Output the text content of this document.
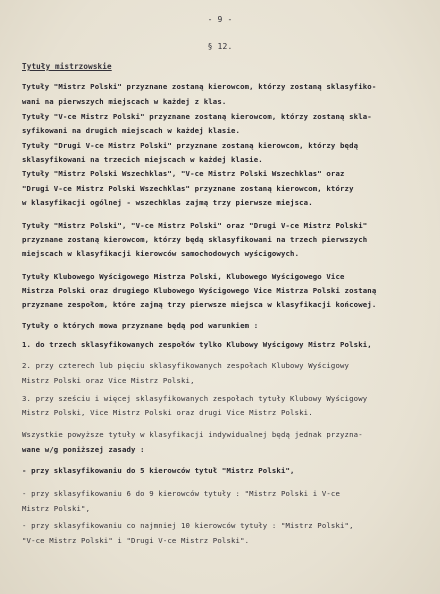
- 9 -
§ 12.
Tytuły mistrzowskie
Tytuły "Mistrz Polski" przyznane zostaną kierowcom, którzy zostaną sklasyfiko-
wani na pierwszych miejscach w każdej z klas.
Tytuły "V-ce Mistrz Polski" przyznane zostaną kierowcom, którzy zostaną skla-
syfikowani na drugich miejscach w każdej klasie.
Tytuły "Drugi V-ce Mistrz Polski" przyznane zostaną kierowcom, którzy będą
sklasyfikowani na trzecich miejscach w każdej klasie.
Tytuły "Mistrz Polski Wszechklas", "V-ce Mistrz Polski Wszechklas" oraz
"Drugi V-ce Mistrz Polski Wszechklas" przyznane zostaną kierowcom, którzy
w klasyfikacji ogólnej - wszechklas zajmą trzy pierwsze miejsca.
Tytuły "Mistrz Polski", "V-ce Mistrz Polski" oraz "Drugi V-ce Mistrz Polski"
przyznane zostaną kierowcom, którzy będą sklasyfikowani na trzech pierwszych
miejscach w klasyfikacji kierowców samochodowych wyścigowych.
Tytuły Klubowego Wyścigowego Mistrza Polski, Klubowego Wyścigowego Vice
Mistrza Polski oraz drugiego Klubowego Wyścigowego Vice Mistrza Polski zostaną
przyznane zespołom, które zajmą trzy pierwsze miejsca w klasyfikacji końcowej.
Tytuły o których mowa przyznane będą pod warunkiem :
1. do trzech sklasyfikowanych zespołów tylko Klubowy Wyścigowy Mistrz Polski,
2. przy czterech lub pięciu sklasyfikowanych zespołach Klubowy Wyścigowy
Mistrz Polski oraz Vice Mistrz Polski,
3. przy sześciu i więcej sklasyfikowanych zespołach tytuły Klubowy Wyścigowy
Mistrz Polski, Vice Mistrz Polski oraz drugi Vice Mistrz Polski.
Wszystkie powyższe tytuły w klasyfikacji indywidualnej będą jednak przyzna-
wane w/g poniższej zasady :
- przy sklasyfikowaniu do 5 kierowców tytuł "Mistrz Polski",
- przy sklasyfikowaniu 6 do 9 kierowców tytuły : "Mistrz Polski i V-ce
Mistrz Polski",
- przy sklasyfikowaniu co najmniej 10 kierowców tytuły : "Mistrz Polski",
"V-ce Mistrz Polski" i "Drugi V-ce Mistrz Polski".
